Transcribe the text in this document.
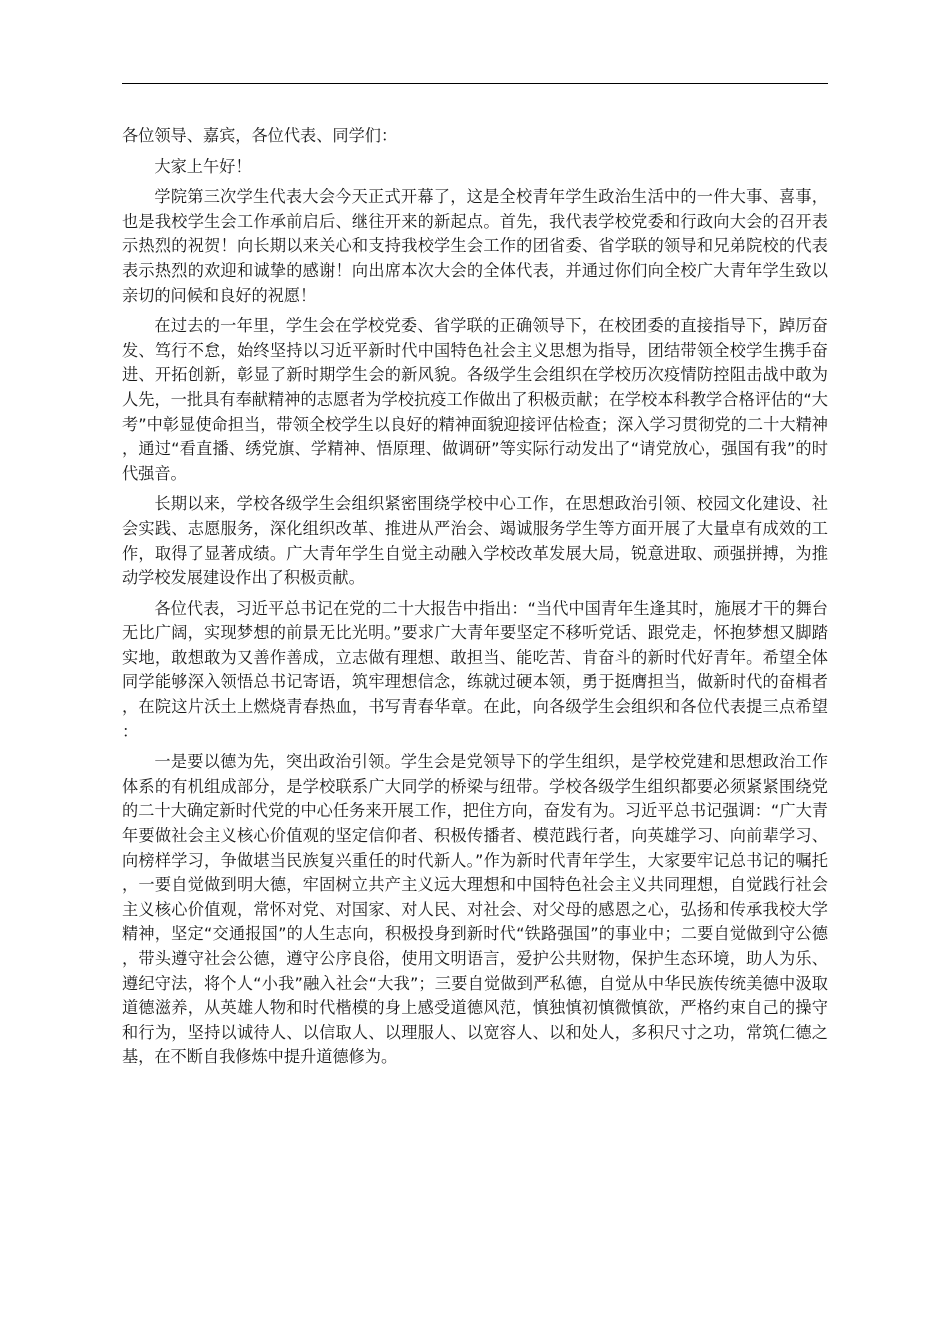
各位领导、嘉宾，各位代表、同学们：

大家上午好！

学院第三次学生代表大会今天正式开幕了，这是全校青年学生政治生活中的一件大事、喜事，也是我校学生会工作承前启后、继往开来的新起点。首先，我代表学校党委和行政向大会的召开表示热烈的祝贺！向长期以来关心和支持我校学生会工作的团省委、省学联的领导和兄弟院校的代表表示热烈的欢迎和诚挚的感谢！向出席本次大会的全体代表，并通过你们向全校广大青年学生致以亲切的问候和良好的祝愿！

在过去的一年里，学生会在学校党委、省学联的正确领导下，在校团委的直接指导下，踔厉奋发、笃行不怠，始终坚持以习近平新时代中国特色社会主义思想为指导，团结带领全校学生携手奋进、开拓创新，彰显了新时期学生会的新风貌。各级学生会组织在学校历次疫情防控阻击战中敢为人先，一批具有奉献精神的志愿者为学校抗疫工作做出了积极贡献；在学校本科教学合格评估的“大考”中彰显使命担当，带领全校学生以良好的精神面貌迎接评估检查；深入学习贯彻党的二十大精神，通过“看直播、绣党旗、学精神、悟原理、做调研”等实际行动发出了“请党放心，强国有我”的时代强音。

长期以来，学校各级学生会组织紧密围绕学校中心工作，在思想政治引领、校园文化建设、社会实践、志愿服务，深化组织改革、推进从严治会、竭诚服务学生等方面开展了大量卓有成效的工作，取得了显著成绩。广大青年学生自觉主动融入学校改革发展大局，锐意进取、顽强拼搏，为推动学校发展建设作出了积极贡献。

各位代表，习近平总书记在党的二十大报告中指出：“当代中国青年生逢其时，施展才干的舞台无比广阔，实现梦想的前景无比光明。”要求广大青年要坚定不移听党话、跟党走，怀抱梦想又脚踏实地，敢想敢为又善作善成，立志做有理想、敢担当、能吃苦、肯奋斗的新时代好青年。希望全体同学能够深入领悟总书记寄语，筑牢理想信念，练就过硬本领，勇于挺膺担当，做新时代的奋楫者，在院这片沃土上燃烧青春热血，书写青春华章。在此，向各级学生会组织和各位代表提三点希望：

一是要以德为先，突出政治引领。学生会是党领导下的学生组织，是学校党建和思想政治工作体系的有机组成部分，是学校联系广大同学的桥梁与纽带。学校各级学生组织都要必须紧紧围绕党的二十大确定新时代党的中心任务来开展工作，把住方向，奋发有为。习近平总书记强调：“广大青年要做社会主义核心价值观的坚定信仰者、积极传播者、模范践行者，向英雄学习、向前辈学习、向榜样学习，争做堪当民族复兴重任的时代新人。”作为新时代青年学生，大家要牢记总书记的嘱托，一要自觉做到明大德，牢固树立共产主义远大理想和中国特色社会主义共同理想，自觉践行社会主义核心价值观，常怀对党、对国家、对人民、对社会、对父母的感恩之心，弘扬和传承我校大学精神，坚定“交通报国”的人生志向，积极投身到新时代“铁路强国”的事业中；二要自觉做到守公德，带头遵守社会公德，遵守公序良俗，使用文明语言，爱护公共财物，保护生态环境，助人为乐、遵纪守法，将个人“小我”融入社会“大我”；三要自觉做到严私德，自觉从中华民族传统美德中汲取道德滋养，从英雄人物和时代楷模的身上感受道德风范，慎独慎初慎微慎欲，严格约束自己的操守和行为，坚持以诚待人、以信取人、以理服人、以宽容人、以和处人，多积尺寸之功，常筑仁德之基，在不断自我修炼中提升道德修为。
